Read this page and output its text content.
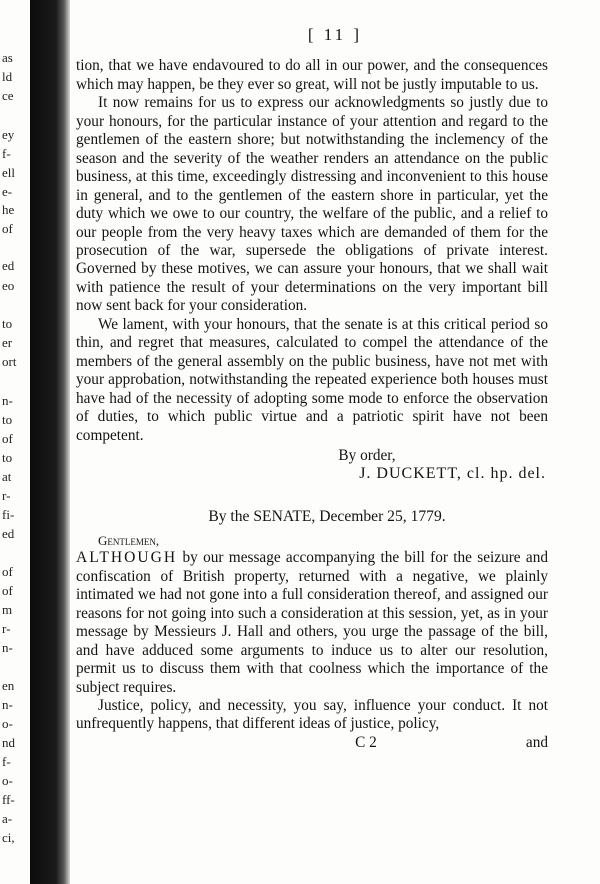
as
ld
ce
ey
f-
ell
e-
he
of
ed
eo
to
er
ort
n-
to
of
to
at
r-
fi-
ed
of
of
m
r-
n-
en
n-
o-
nd
f-
o-
ff-
a-
ci,
[ 11 ]

tion, that we have endavoured to do all in our power, and the consequences which may happen, be they ever so great, will not be justly imputable to us.

It now remains for us to express our acknowledgments so justly due to your honours, for the particular instance of your attention and regard to the gentlemen of the eastern shore; but notwithstanding the inclemency of the season and the severity of the weather renders an attendance on the public business, at this time, exceedingly distressing and inconvenient to this house in general, and to the gentlemen of the eastern shore in particular, yet the duty which we owe to our country, the welfare of the public, and a relief to our people from the very heavy taxes which are demanded of them for the prosecution of the war, supersede the obligations of private interest. Governed by these motives, we can assure your honours, that we shall wait with patience the result of your determinations on the very important bill now sent back for your consideration.

We lament, with your honours, that the senate is at this critical period so thin, and regret that measures, calculated to compel the attendance of the members of the general assembly on the public business, have not met with your approbation, notwithstanding the repeated experience both houses must have had of the necessity of adopting some mode to enforce the observation of duties, to which public virtue and a patriotic spirit have not been competent.

By order,
J. DUCKETT, cl. hp. del.
By the SENATE, December 25, 1779.
Gentlemen,

ALTHOUGH by our message accompanying the bill for the seizure and confiscation of British property, returned with a negative, we plainly intimated we had not gone into a full consideration thereof, and assigned our reasons for not going into such a consideration at this session, yet, as in your message by Messieurs J. Hall and others, you urge the passage of the bill, and have adduced some arguments to induce us to alter our resolution, permit us to discuss them with that coolness which the importance of the subject requires.

Justice, policy, and necessity, you say, influence your conduct. It not unfrequently happens, that different ideas of justice, policy,

C 2	and
